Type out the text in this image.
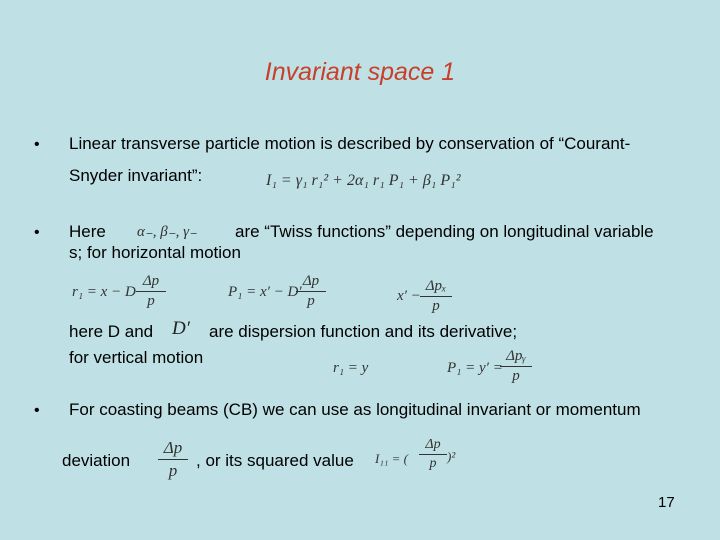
Invariant space 1
• Linear transverse particle motion is described by conservation of “Courant-
Snyder invariant”:	I₁ = γ₁ r₁² + 2α₁ r₁ P₁ + β₁ P₁²
• Here α₋, β₋, γ₋ are “Twiss functions” depending on longitudinal variable
s; for horizontal motion
r₁ = x − D
Δp
p
P₁ = x′ − D′
Δp
p	x′ −
Δpₓ
p
here D and D′ are dispersion function and its derivative;
for vertical motion
r₁ = y	P₁ = y′ =
Δpᵧ
p
• For coasting beams (CB) we can use as longitudinal invariant or momentum
deviation
Δp
p
, or its squared value I₁₁ = (
Δp
p )²
17
